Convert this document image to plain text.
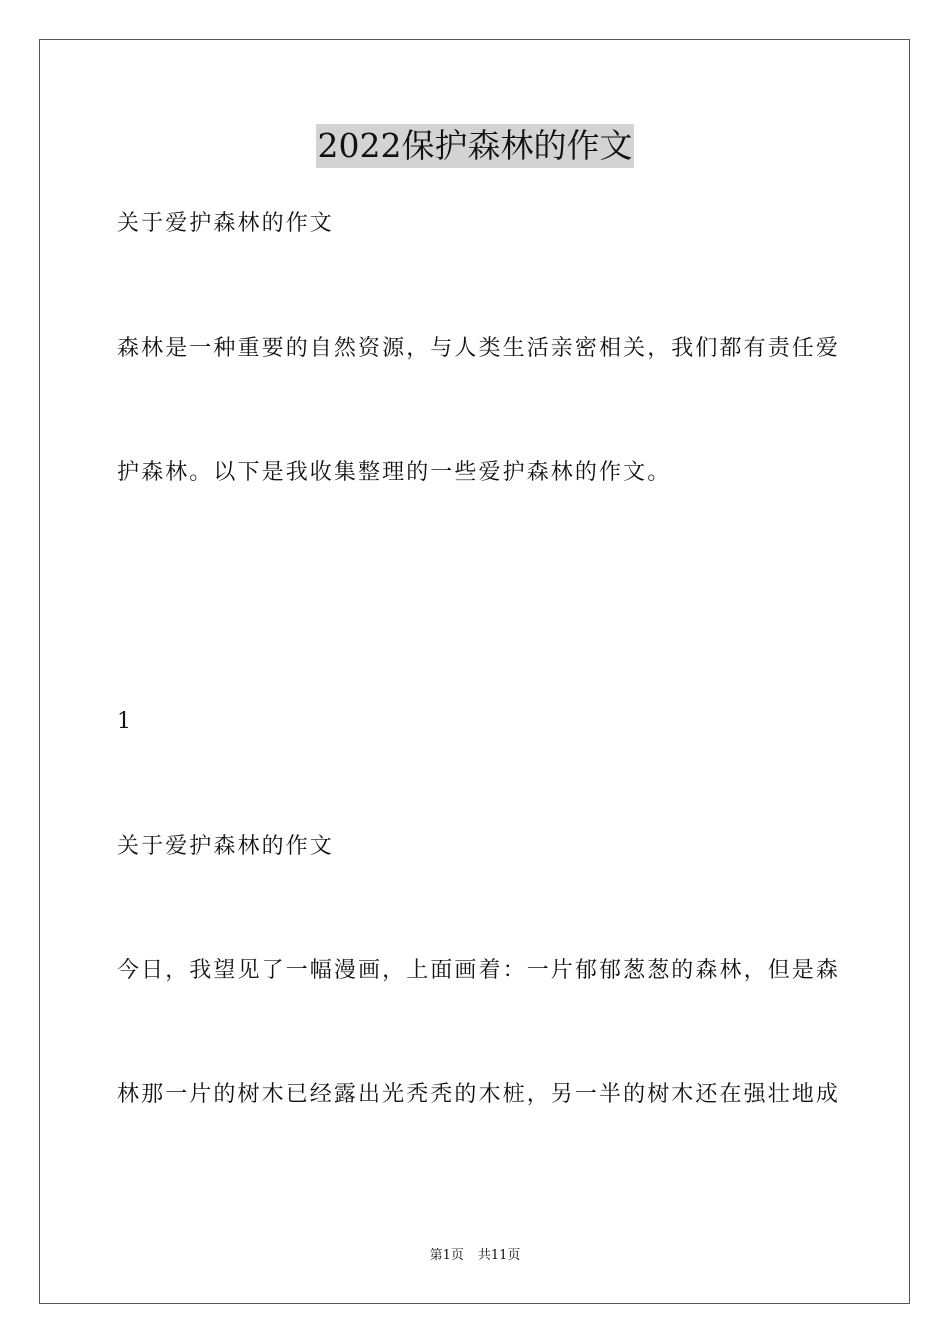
2022保护森林的作文
关于爱护森林的作文
森林是一种重要的自然资源，与人类生活亲密相关，我们都有责任爱
护森林。以下是我收集整理的一些爱护森林的作文。
1
关于爱护森林的作文
今日，我望见了一幅漫画，上面画着：一片郁郁葱葱的森林，但是森
林那一片的树木已经露出光秃秃的木桩，另一半的树木还在强壮地成
第1页 共11页
